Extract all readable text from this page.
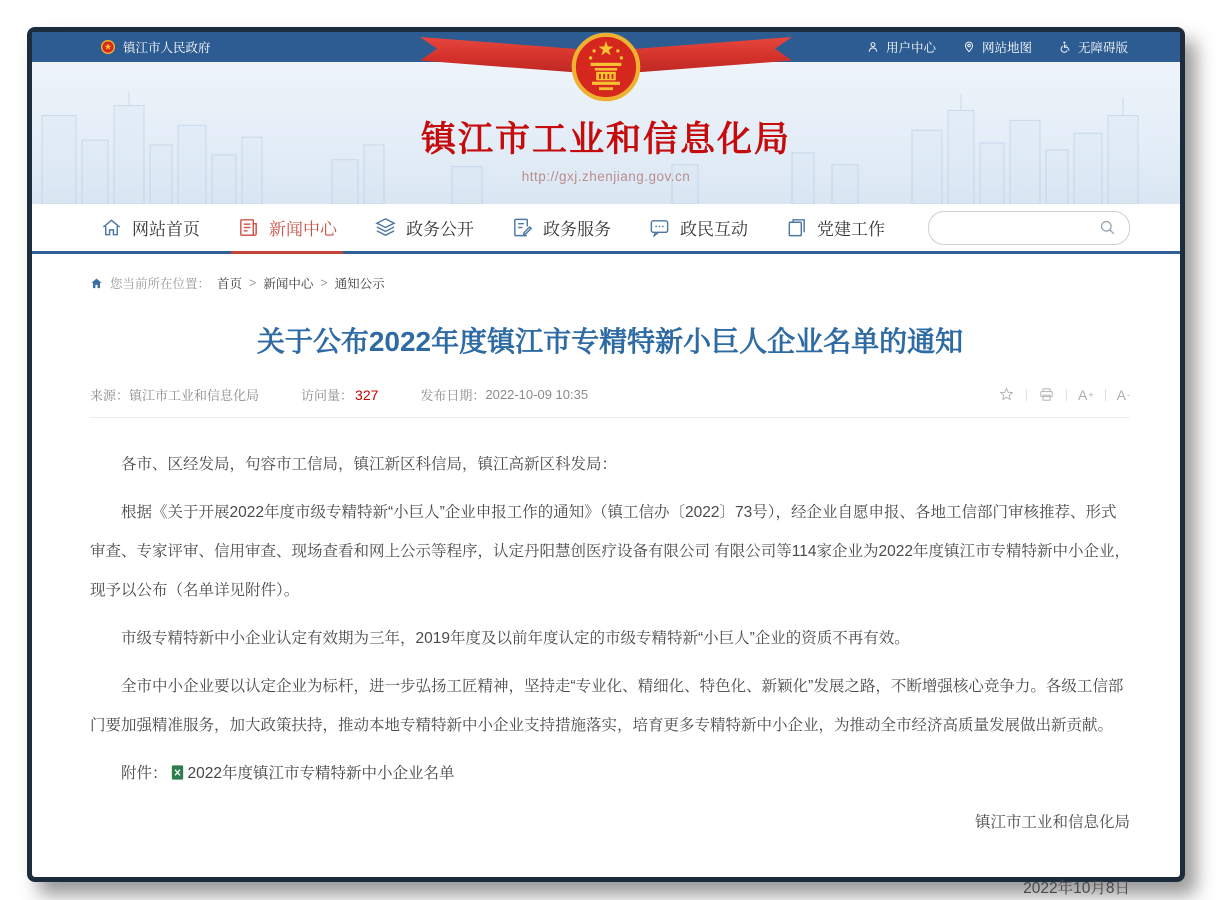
镇江市人民政府	用户中心	网站地图	无障碍版
镇江市工业和信息化局
http://gxj.zhenjiang.gov.cn
网站首页	新闻中心	政务公开	政务服务	政民互动	党建工作
您当前所在位置： 首页 > 新闻中心 > 通知公示
关于公布2022年度镇江市专精特新小巨人企业名单的通知
来源： 镇江市工业和信息化局	访问量： 327	发布日期： 2022-10-09 10:35	A + A -

各市、区经发局，句容市工信局，镇江新区科信局，镇江高新区科发局：

根据《关于开展2022年度市级专精特新“小巨人”企业申报工作的通知》（镇工信办〔2022〕73号），经企业自愿申报、各地工信部门审核推荐、形式审查、专家评审、信用审查、现场查看和网上公示等程序，认定丹阳慧创医疗设备有限公司 有限公司等114家企业为2022年度镇江市专精特新中小企业，现予以公布（名单详见附件）。

市级专精特新中小企业认定有效期为三年，2019年度及以前年度认定的市级专精特新“小巨人”企业的资质不再有效。

全市中小企业要以认定企业为标杆，进一步弘扬工匠精神，坚持走“专业化、精细化、特色化、新颖化”发展之路，不断增强核心竞争力。各级工信部门要加强精准服务，加大政策扶持，推动本地专精特新中小企业支持措施落实，培育更多专精特新中小企业，为推动全市经济高质量发展做出新贡献。

附件： 2022年度镇江市专精特新中小企业名单

镇江市工业和信息化局
2022年10月8日
